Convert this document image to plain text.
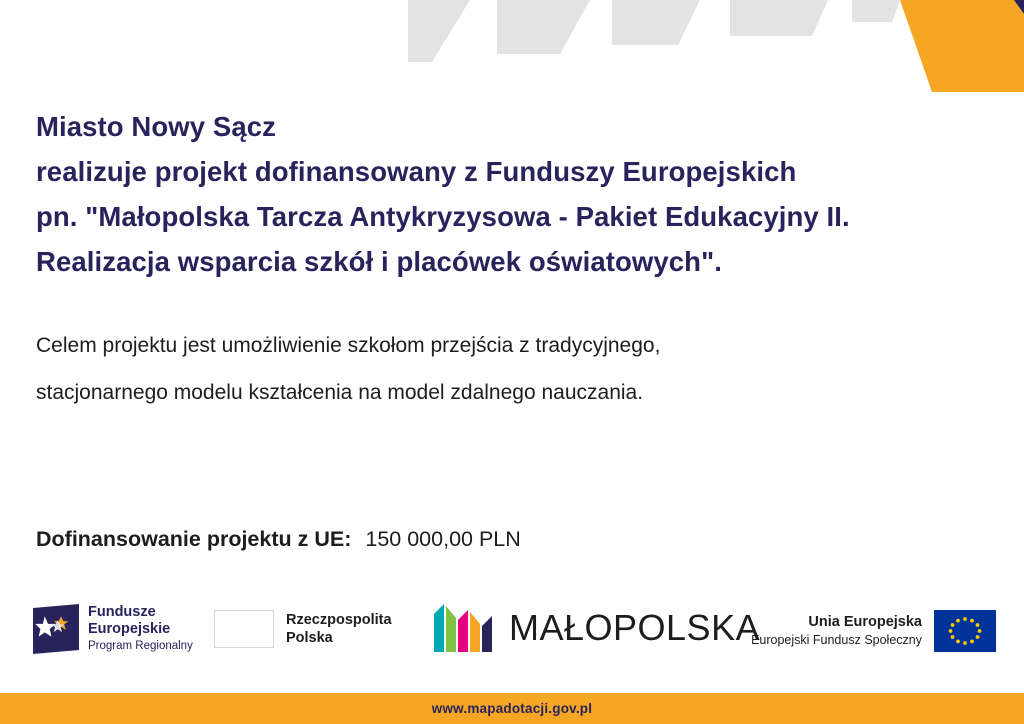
Miasto Nowy Sącz
realizuje projekt dofinansowany z Funduszy Europejskich
pn. "Małopolska Tarcza Antykryzysowa - Pakiet Edukacyjny II.
Realizacja wsparcia szkół i placówek oświatowych".
Celem projektu jest umożliwienie szkołom przejścia z tradycyjnego,
stacjonarnego modelu kształcenia na model zdalnego nauczania.
Dofinansowanie projektu z UE: 150 000,00 PLN
Fundusze
Europejskie
Program Regionalny
Rzeczpospolita
Polska	MAŁOPOLSKA	Unia Europejska
Europejski Fundusz Społeczny
www.mapadotacji.gov.pl
